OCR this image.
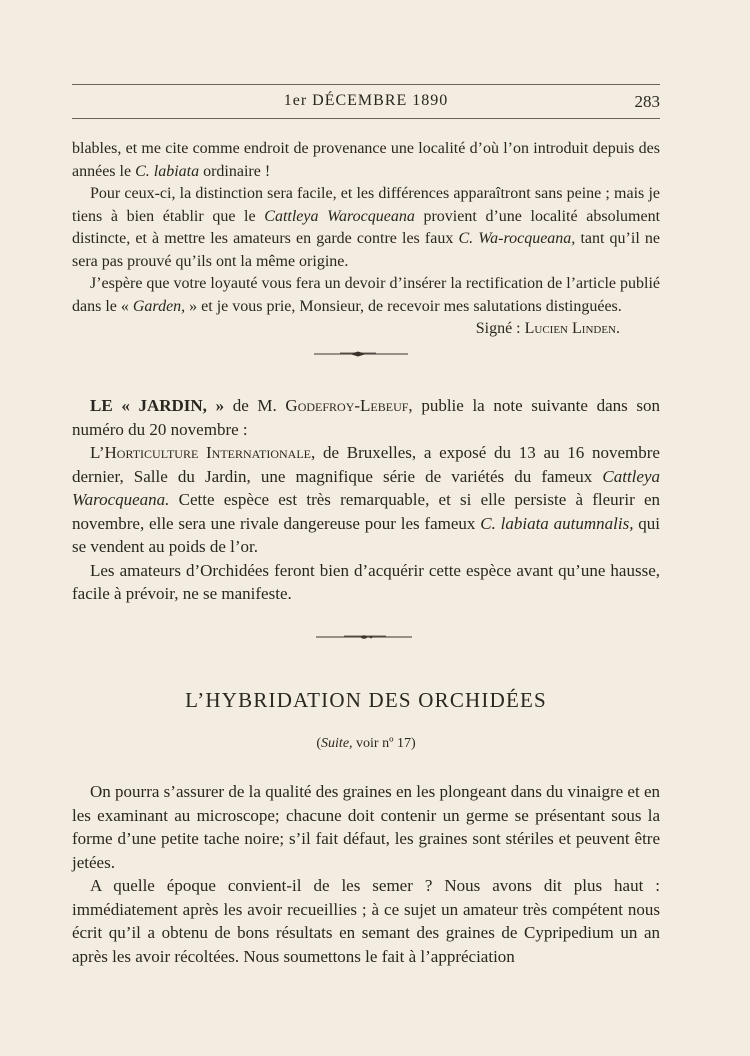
1er DÉCEMBRE 1890	283

blables, et me cite comme endroit de provenance une localité d’où l’on introduit depuis des années le C. labiata ordinaire !

Pour ceux-ci, la distinction sera facile, et les différences apparaîtront sans peine ; mais je tiens à bien établir que le Cattleya Warocqueana provient d’une localité absolument distincte, et à mettre les amateurs en garde contre les faux C. Wa-rocqueana, tant qu’il ne sera pas prouvé qu’ils ont la même origine.

J’espère que votre loyauté vous fera un devoir d’insérer la rectification de l’article publié dans le « Garden, » et je vous prie, Monsieur, de recevoir mes salutations distinguées.

Signé : Lucien Linden.

LE « JARDIN, » de M. Godefroy-Lebeuf, publie la note suivante dans son numéro du 20 novembre :

L’Horticulture Internationale, de Bruxelles, a exposé du 13 au 16 novembre dernier, Salle du Jardin, une magnifique série de variétés du fameux Cattleya Warocqueana. Cette espèce est très remarquable, et si elle persiste à fleurir en novembre, elle sera une rivale dangereuse pour les fameux C. labiata autumnalis, qui se vendent au poids de l’or.

Les amateurs d’Orchidées feront bien d’acquérir cette espèce avant qu’une hausse, facile à prévoir, ne se manifeste.

L’HYBRIDATION DES ORCHIDÉES
(Suite, voir nº 17)

On pourra s’assurer de la qualité des graines en les plongeant dans du vinaigre et en les examinant au microscope; chacune doit contenir un germe se présentant sous la forme d’une petite tache noire; s’il fait défaut, les graines sont stériles et peuvent être jetées.

A quelle époque convient-il de les semer ? Nous avons dit plus haut : immédiatement après les avoir recueillies ; à ce sujet un amateur très compétent nous écrit qu’il a obtenu de bons résultats en semant des graines de Cypripedium un an après les avoir récoltées. Nous soumettons le fait à l’appréciation
